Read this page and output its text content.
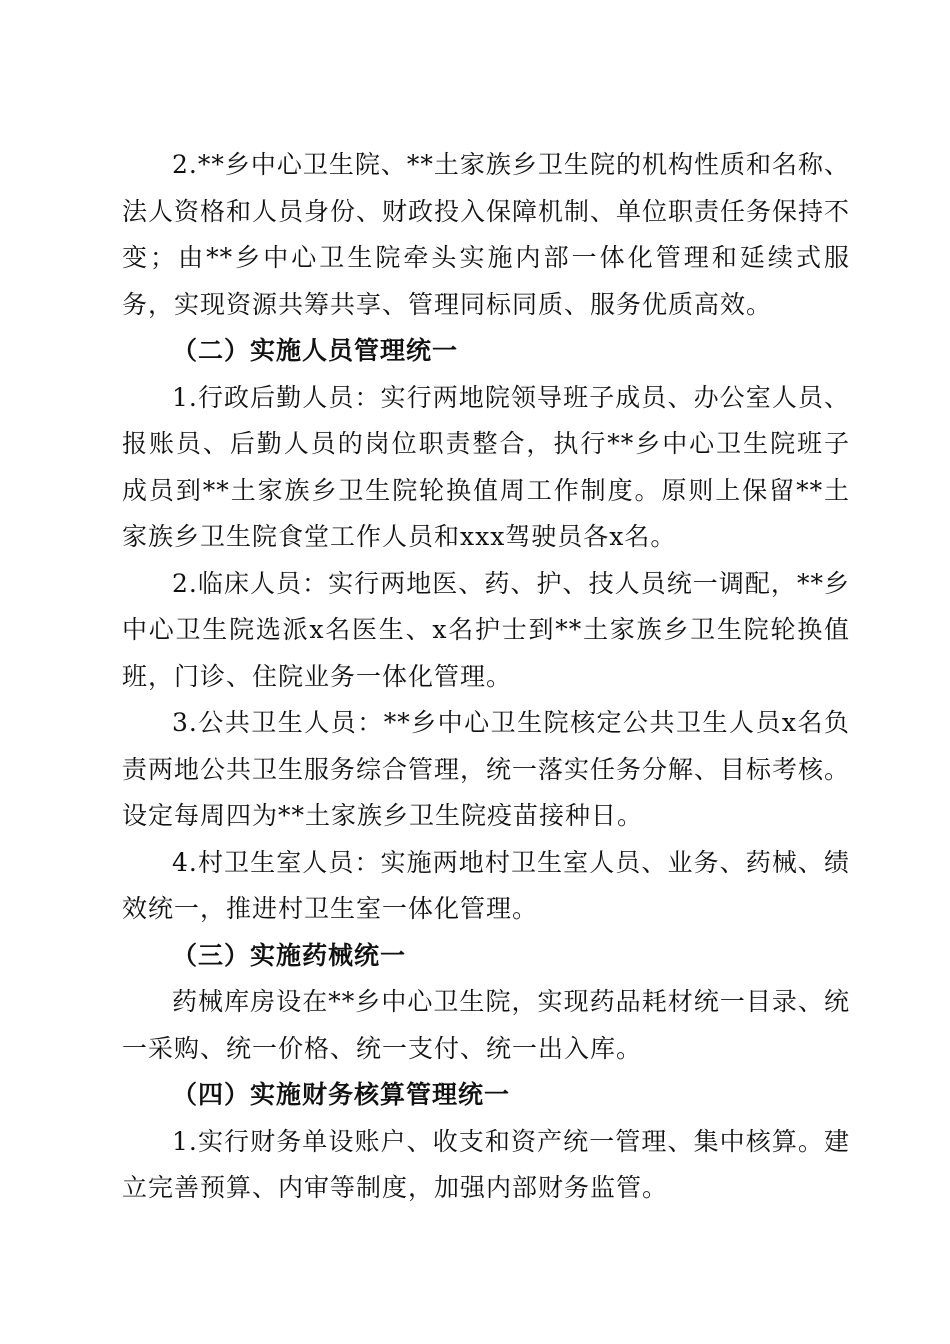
2.**乡中心卫生院、**土家族乡卫生院的机构性质和名称、法人资格和人员身份、财政投入保障机制、单位职责任务保持不变；由**乡中心卫生院牵头实施内部一体化管理和延续式服务，实现资源共筹共享、管理同标同质、服务优质高效。

（二）实施人员管理统一

1.行政后勤人员：实行两地院领导班子成员、办公室人员、报账员、后勤人员的岗位职责整合，执行**乡中心卫生院班子成员到**土家族乡卫生院轮换值周工作制度。原则上保留**土家族乡卫生院食堂工作人员和xxx驾驶员各x名。

2.临床人员：实行两地医、药、护、技人员统一调配，**乡中心卫生院选派x名医生、x名护士到**土家族乡卫生院轮换值班，门诊、住院业务一体化管理。

3.公共卫生人员：**乡中心卫生院核定公共卫生人员x名负责两地公共卫生服务综合管理，统一落实任务分解、目标考核。设定每周四为**土家族乡卫生院疫苗接种日。

4.村卫生室人员：实施两地村卫生室人员、业务、药械、绩效统一，推进村卫生室一体化管理。

（三）实施药械统一

药械库房设在**乡中心卫生院，实现药品耗材统一目录、统一采购、统一价格、统一支付、统一出入库。

（四）实施财务核算管理统一

1.实行财务单设账户、收支和资产统一管理、集中核算。建立完善预算、内审等制度，加强内部财务监管。
